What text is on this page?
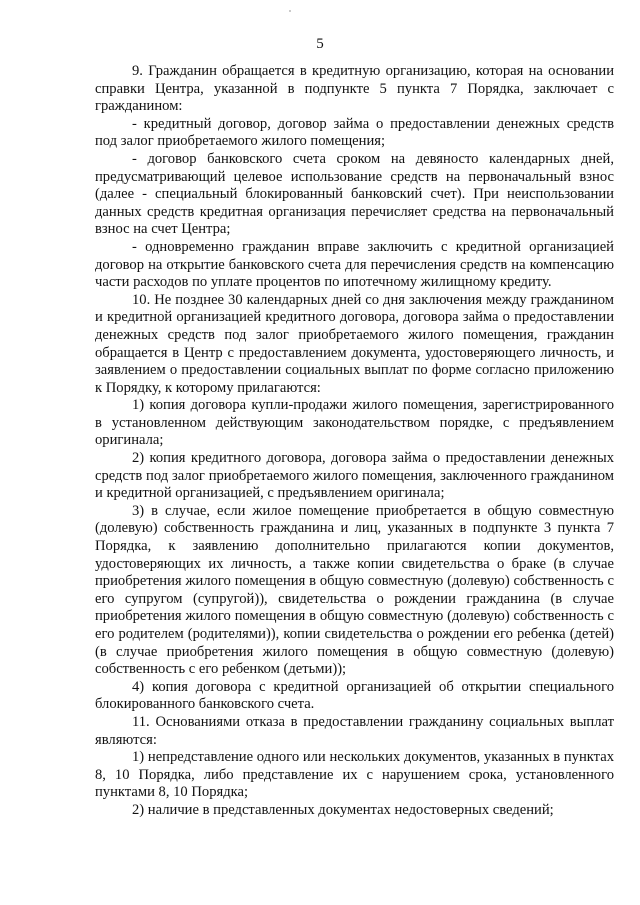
5

9. Гражданин обращается в кредитную организацию, которая на основании справки Центра, указанной в подпункте 5 пункта 7 Порядка, заключает с гражданином:

- кредитный договор, договор займа о предоставлении денежных средств под залог приобретаемого жилого помещения;

- договор банковского счета сроком на девяносто календарных дней, предусматривающий целевое использование средств на первоначальный взнос (далее - специальный блокированный банковский счет). При неиспользовании данных средств кредитная организация перечисляет средства на первоначальный взнос на счет Центра;

- одновременно гражданин вправе заключить с кредитной организацией договор на открытие банковского счета для перечисления средств на компенсацию части расходов по уплате процентов по ипотечному жилищному кредиту.

10. Не позднее 30 календарных дней со дня заключения между гражданином и кредитной организацией кредитного договора, договора займа о предоставлении денежных средств под залог приобретаемого жилого помещения, гражданин обращается в Центр с предоставлением документа, удостоверяющего личность, и заявлением о предоставлении социальных выплат по форме согласно приложению к Порядку, к которому прилагаются:

1) копия договора купли-продажи жилого помещения, зарегистрированного в установленном действующим законодательством порядке, с предъявлением оригинала;

2) копия кредитного договора, договора займа о предоставлении денежных средств под залог приобретаемого жилого помещения, заключенного гражданином и кредитной организацией, с предъявлением оригинала;

3) в случае, если жилое помещение приобретается в общую совместную (долевую) собственность гражданина и лиц, указанных в подпункте 3 пункта 7 Порядка, к заявлению дополнительно прилагаются копии документов, удостоверяющих их личность, а также копии свидетельства о браке (в случае приобретения жилого помещения в общую совместную (долевую) собственность с его супругом (супругой)), свидетельства о рождении гражданина (в случае приобретения жилого помещения в общую совместную (долевую) собственность с его родителем (родителями)), копии свидетельства о рождении его ребенка (детей) (в случае приобретения жилого помещения в общую совместную (долевую) собственность с его ребенком (детьми));

4) копия договора с кредитной организацией об открытии специального блокированного банковского счета.

11. Основаниями отказа в предоставлении гражданину социальных выплат являются:

1) непредставление одного или нескольких документов, указанных в пунктах 8, 10 Порядка, либо представление их с нарушением срока, установленного пунктами 8, 10 Порядка;

2) наличие в представленных документах недостоверных сведений;
